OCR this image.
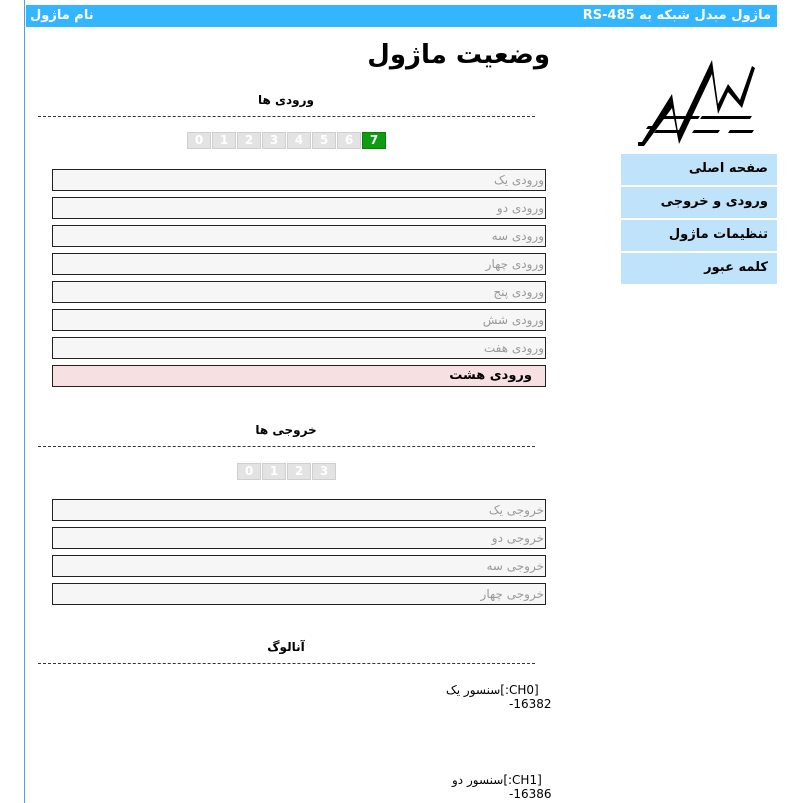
ماژول مبدل شبکه به RS-485
نام ماژول
صفحه اصلی
ورودی و خروجی
تنظیمات ماژول
کلمه عبور
وضعیت ماژول
ورودی ها
0	1	2	3	4	5	6	7
ورودی یک
ورودی دو
ورودی سه
ورودی چهار
ورودی پنج
ورودی شش
ورودی هفت
ورودی هشت
خروجی ها
0	1	2	3
خروجی یک
خروجی دو
خروجی سه
خروجی چهار
آنالوگ
سنسور یک[:CH0]
-16382
سنسور دو[:CH1]
-16386
